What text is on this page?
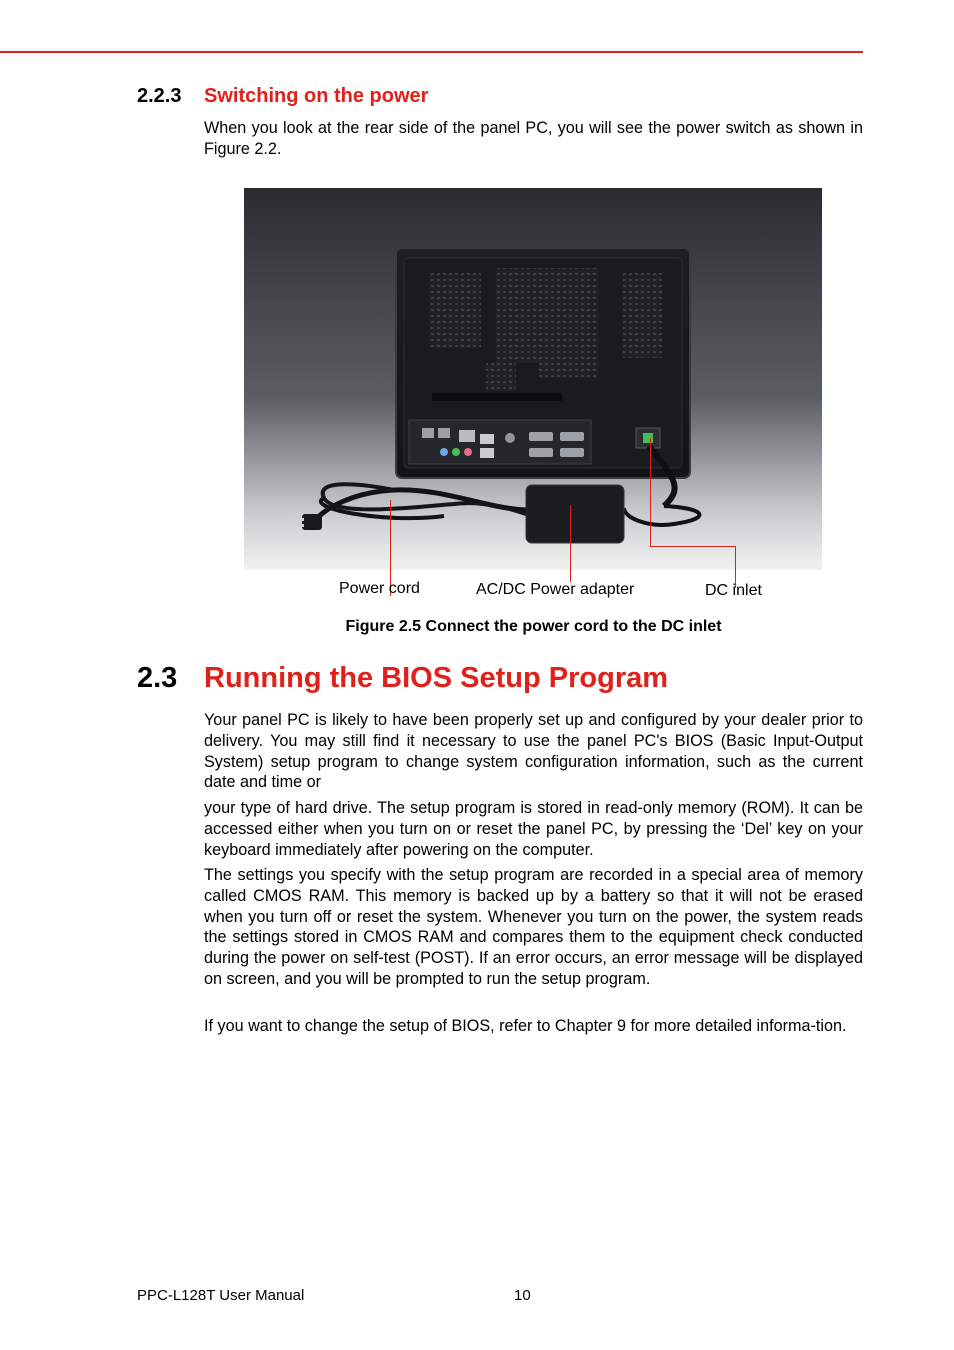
2.2.3 Switching on the power

When you look at the rear side of the panel PC, you will see the power switch as shown in Figure 2.2.

Power cord	AC/DC Power adapter	DC inlet
Figure 2.5 Connect the power cord to the DC inlet
2.3 Running the BIOS Setup Program

Your panel PC is likely to have been properly set up and configured by your dealer prior to delivery. You may still find it necessary to use the panel PC's BIOS (Basic Input-Output System) setup program to change system configuration information, such as the current date and time or

your type of hard drive. The setup program is stored in read-only memory (ROM). It can be accessed either when you turn on or reset the panel PC, by pressing the ‘Del’ key on your keyboard immediately after powering on the computer.

The settings you specify with the setup program are recorded in a special area of memory called CMOS RAM. This memory is backed up by a battery so that it will not be erased when you turn off or reset the system. Whenever you turn on the power, the system reads the settings stored in CMOS RAM and compares them to the equipment check conducted during the power on self-test (POST). If an error occurs, an error message will be displayed on screen, and you will be prompted to run the setup program.

If you want to change the setup of BIOS, refer to Chapter 9 for more detailed informa-tion.

PPC-L128T User Manual	10
